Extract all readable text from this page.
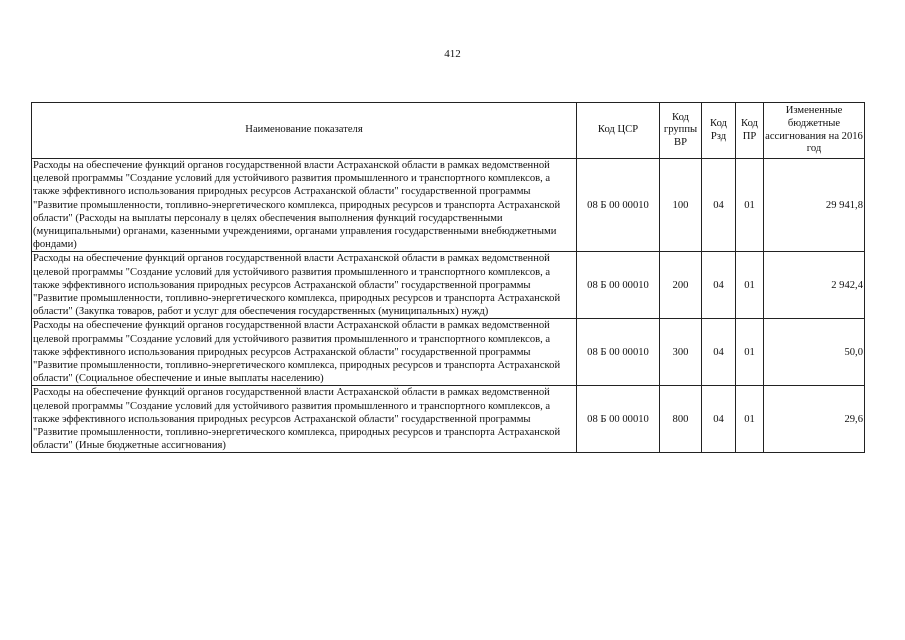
412
Наименование показателя	Код ЦСР	Код группы ВР	Код Рзд	Код ПР	Измененные бюджетные ассигнования на 2016 год
Расходы на обеспечение функций органов государственной власти Астраханской области в рамках ведомственной целевой программы "Создание условий для устойчивого развития промышленного и транспортного комплексов, а также эффективного использования природных ресурсов Астраханской области" государственной программы "Развитие промышленности, топливно-энергетического комплекса, природных ресурсов и транспорта Астраханской области" (Расходы на выплаты персоналу в целях обеспечения выполнения функций государственными (муниципальными) органами, казенными учреждениями, органами управления государственными внебюджетными фондами)	08 Б 00 00010	100	04	01	29 941,8
Расходы на обеспечение функций органов государственной власти Астраханской области в рамках ведомственной целевой программы "Создание условий для устойчивого развития промышленного и транспортного комплексов, а также эффективного использования природных ресурсов Астраханской области" государственной программы "Развитие промышленности, топливно-энергетического комплекса, природных ресурсов и транспорта Астраханской области" (Закупка товаров, работ и услуг для обеспечения государственных (муниципальных) нужд)	08 Б 00 00010	200	04	01	2 942,4
Расходы на обеспечение функций органов государственной власти Астраханской области в рамках ведомственной целевой программы "Создание условий для устойчивого развития промышленного и транспортного комплексов, а также эффективного использования природных ресурсов Астраханской области" государственной программы "Развитие промышленности, топливно-энергетического комплекса, природных ресурсов и транспорта Астраханской области" (Социальное обеспечение и иные выплаты населению)	08 Б 00 00010	300	04	01	50,0
Расходы на обеспечение функций органов государственной власти Астраханской области в рамках ведомственной целевой программы "Создание условий для устойчивого развития промышленного и транспортного комплексов, а также эффективного использования природных ресурсов Астраханской области" государственной программы "Развитие промышленности, топливно-энергетического комплекса, природных ресурсов и транспорта Астраханской области" (Иные бюджетные ассигнования)	08 Б 00 00010	800	04	01	29,6
